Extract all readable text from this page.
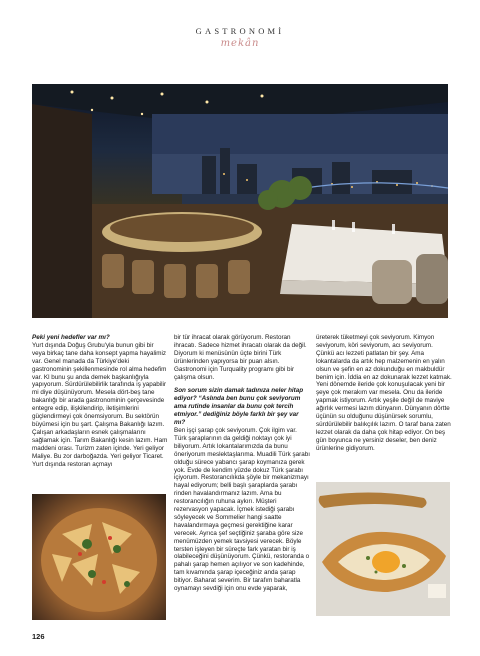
GASTRONOMİ
mekân

Peki yeni hedefler var mı?

Yurt dışında Doğuş Grubu'yla bunun gibi bir veya birkaç tane daha konsept yapma hayalimiz var. Genel manada da Türkiye'deki gastronominin şekillenmesinde rol alma hedefim var. Kl bunu şu anda demek başkanlığıyla yapıyorum. Sürdürülebilirlik tarafında iş yapabilir mi diye düşünüyorum. Mesela dört-beş tane bakanlığı bir arada gastronominin çerçevesinde entegre edip, ilişkilendirip, iletişimlerini güçlendirmeyi çok önemsiyorum. Bu sektörün büyümesi için bu şart. Çalışma Bakanlığı lazım. Çalışan arkadaşların esnek çalışmalarını sağlamak için. Tarım Bakanlığı kesin lazım. Ham maddeni orası. Turizm zaten içinde. Yeri geliyor Maliye. Bu zor darboğazda. Yeri geliyor Ticaret. Yurt dışında restoran açmayı

bir tür ihracat olarak görüyorum. Restoran ihracatı. Sadece hizmet ihracatı olarak da değil. Diyorum ki menüsünün üçte birini Türk ürünlerinden yapıyorsa bir puan alsın. Gastronomi için Turquality programı gibi bir çalışma olsun.

Son sorum sizin damak tadınıza neler hitap ediyor? “Aslında ben bunu çok seviyorum ama rutinde insanlar da bunu çok tercih etmiyor.” dediğiniz böyle farklı bir şey var mı?

Ben işçi şarap çok seviyorum. Çok ilgim var. Türk şaraplarının da geldiği noktayı çok iyi biliyorum. Artık lokantalarımızda da bunu öneriyorum meslektaşlarıma. Muadili Türk şarabı olduğu sürece yabancı şarap koymanıza gerek yok. Evde de kendim yüzde dokuz Türk şarabı içiyorum. Restorancılıkda şöyle bir mekanizmayı hayal ediyorum; belli başlı şaraplarda şarabı rinden havalandırmanız lazım. Ama bu restorancılığın ruhuna aykırı. Müşteri rezervasyon yapacak. İçmek istediği şarabı söyleyecek ve Sommelier hangi saatte havalandırmaya geçmesi gerektiğine karar verecek. Ayrıca şef seçtiğiniz şaraba göre size menümüzden yemek tavsiyesi verecek. Böyle tersten işleyen bir süreçte fark yaratan bir iş olabileceğini düşünüyorum. Çünkü, restoranda o pahalı şarap hemen açılıyor ve son kadehinde, tam kıvamında şarap içeceğiniz anda şarap bitiyor. Baharat severim. Bir tarafım baharatla oynamayı sevdiği için onu evde yaparak,

üreterek tüketmeyi çok seviyorum. Kimyon seviyorum, köri seviyorum, acı seviyorum. Çünkü acı lezzeti patlatan bir şey. Ama lokantalarda da artık hep malzemenin en yalın olsun ve şefin en az dokunduğu en makbuldür benim için. İddia en az dokunarak lezzet katmak. Yeni dönemde ileride çok konuşulacak yeni bir şeye çok merakım var mesela. Onu da ileride yapmak istiyorum. Artık yeşile değil de maviye ağırlık vermesi lazım dünyanın. Dünyanın dörtte üçünün su olduğunu düşünürsek sorumlu, sürdürülebilir balıkçılık lazım. O taraf bana zaten lezzet olarak da daha çok hitap ediyor. On beş gün boyunca ne yersiniz deseler, ben deniz ürünlerine gidiyorum.

126
